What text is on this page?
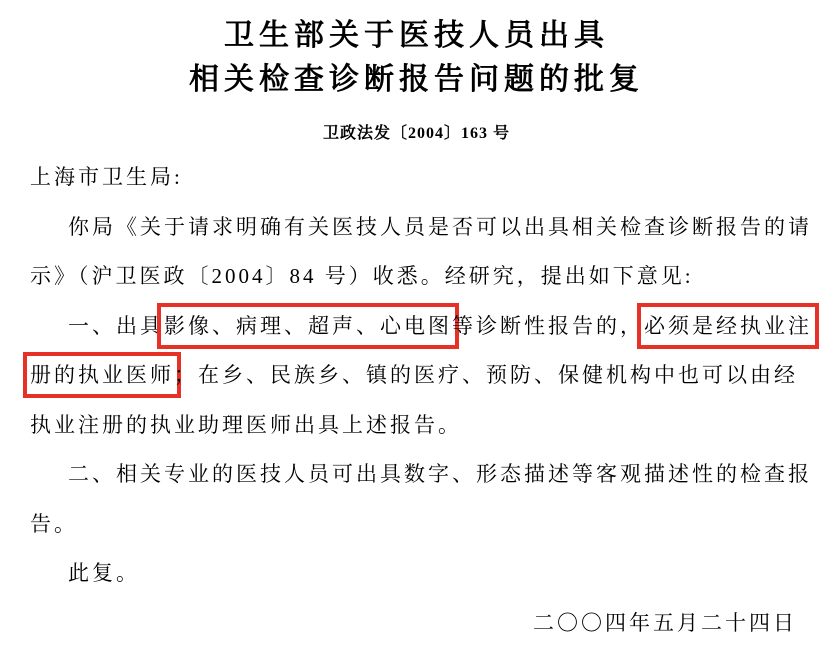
卫生部关于医技人员出具
相关检查诊断报告问题的批复
卫政法发〔2004〕163 号
上海市卫生局:
你局《关于请求明确有关医技人员是否可以出具相关检查诊断报告的请
示》（沪卫医政〔2004〕84 号）收悉。经研究，提出如下意见:
一、出具影像、病理、超声、心电图等诊断性报告的，必须是经执业注
册的执业医师；在乡、民族乡、镇的医疗、预防、保健机构中也可以由经
执业注册的执业助理医师出具上述报告。
二、相关专业的医技人员可出具数字、形态描述等客观描述性的检查报
告。
此复。
二〇〇四年五月二十四日
